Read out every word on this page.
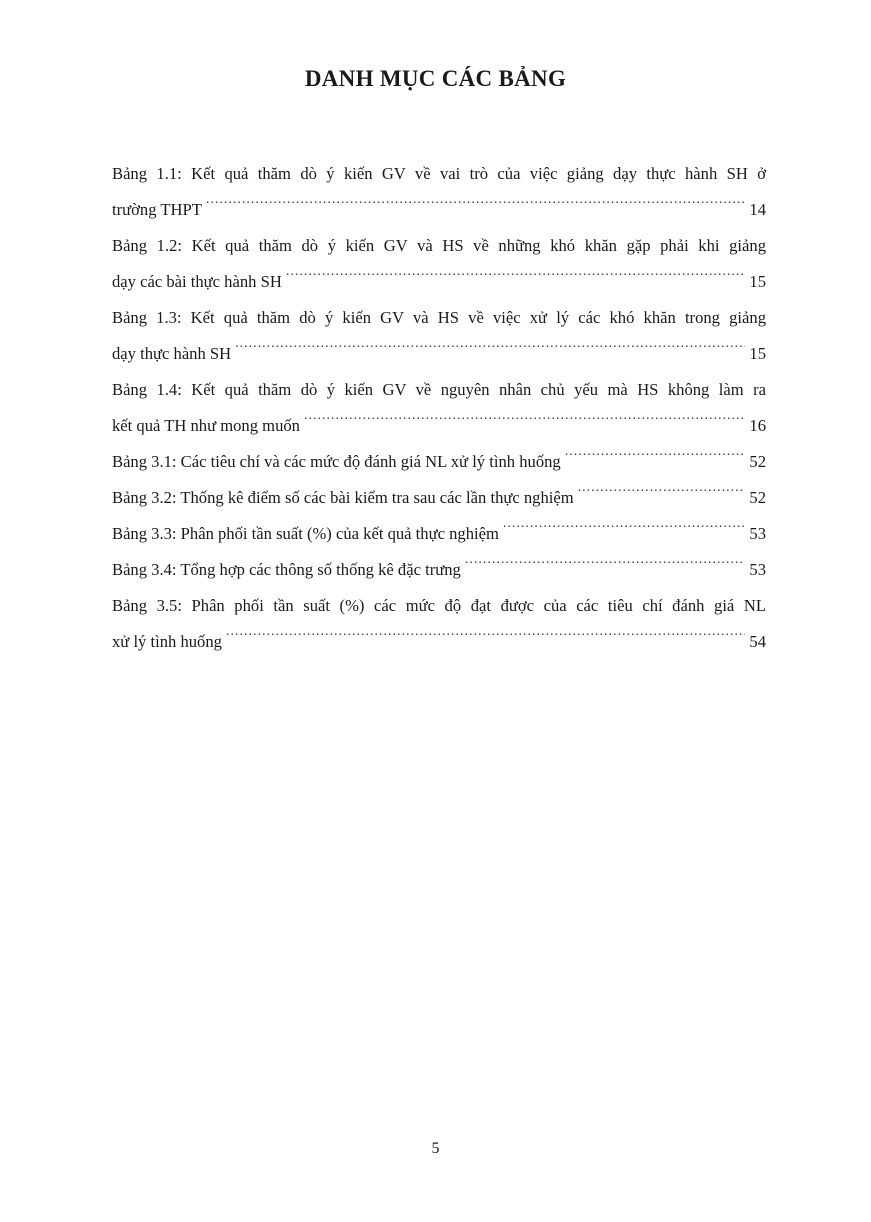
DANH MỤC CÁC BẢNG
Bảng 1.1: Kết quả thăm dò ý kiến GV về vai trò của việc giảng dạy thực hành SH ở
trường THPT .....	14
Bảng 1.2: Kết quả thăm dò ý kiến GV và HS về những khó khăn gặp phải khi giảng
dạy các bài thực hành SH .....	15
Bảng 1.3: Kết quả thăm dò ý kiến GV và HS về việc xử lý các khó khăn trong giảng
dạy thực hành SH .....	15
Bảng 1.4: Kết quả thăm dò ý kiến GV về nguyên nhân chủ yếu mà HS không làm ra
kết quả TH như mong muốn .....	16
Bảng 3.1: Các tiêu chí và các mức độ đánh giá NL xử lý tình huống .....	52
Bảng 3.2: Thống kê điểm số các bài kiểm tra sau các lần thực nghiệm .....	52
Bảng 3.3: Phân phối tần suất (%) của kết quả thực nghiệm .....	53
Bảng 3.4: Tổng hợp các thông số thống kê đặc trưng .....	53
Bảng 3.5: Phân phối tần suất (%) các mức độ đạt được của các tiêu chí đánh giá NL
xử lý tình huống .....	54
5
